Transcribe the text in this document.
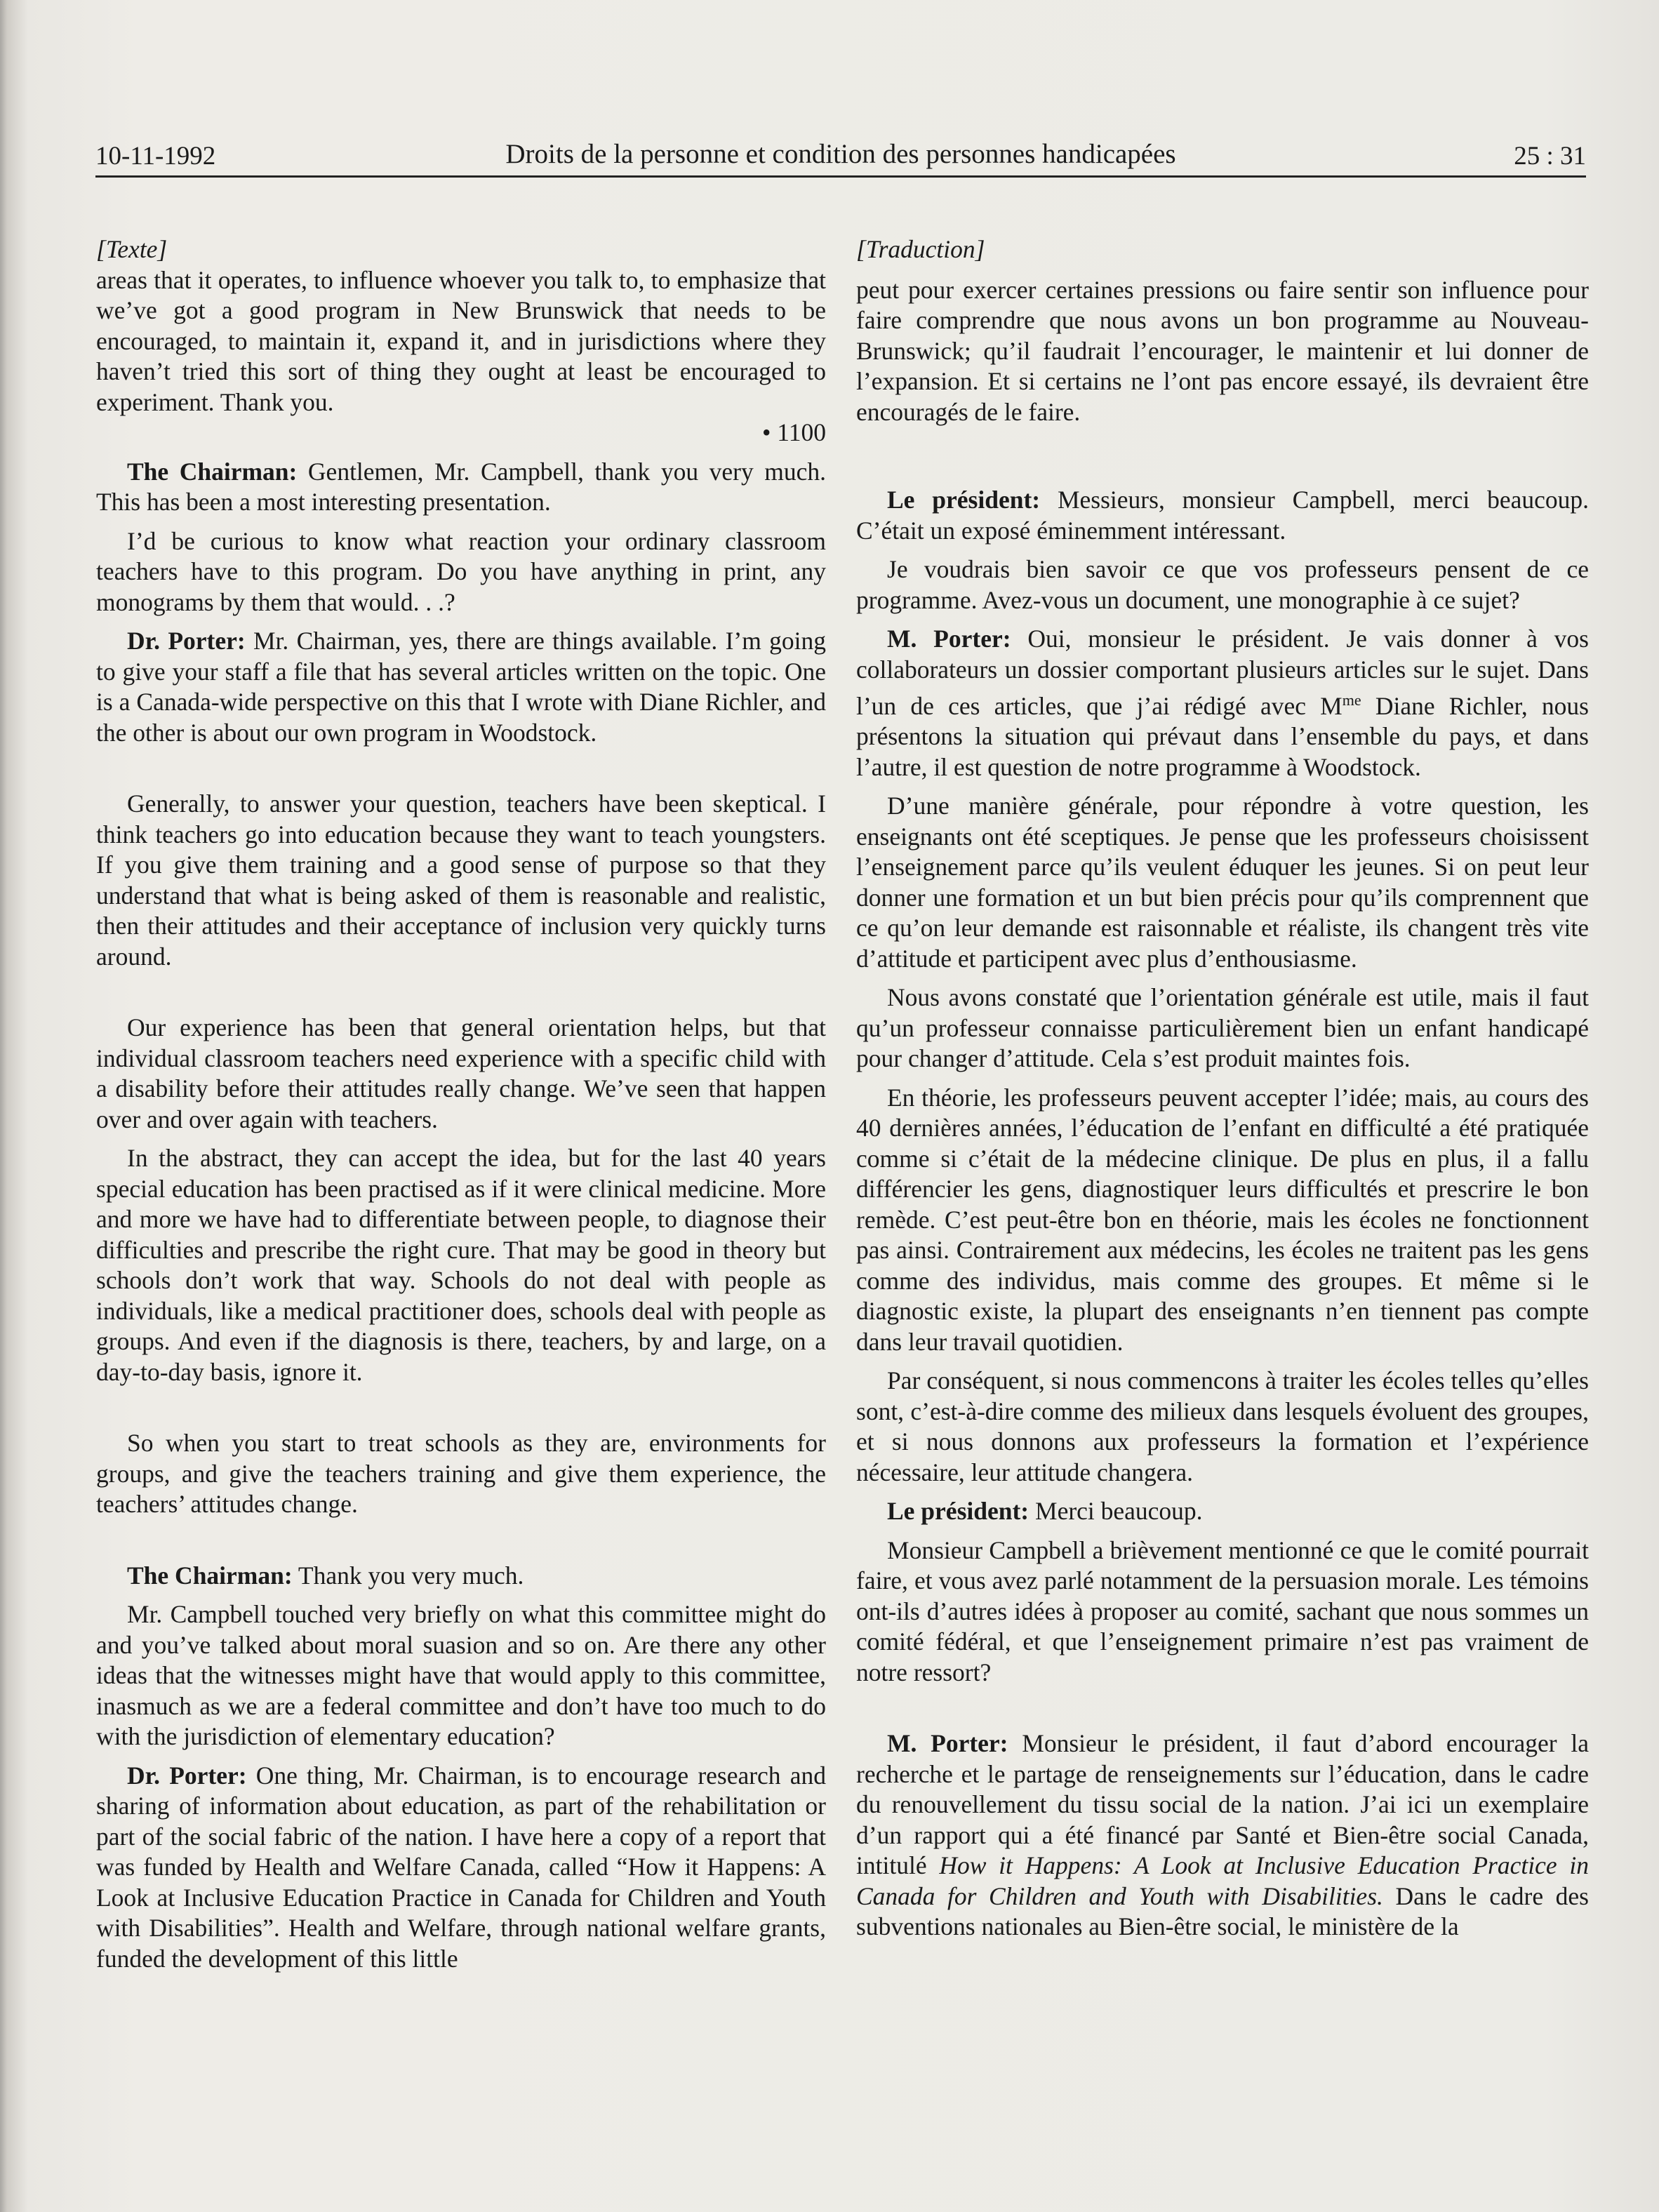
10-11-1992	Droits de la personne et condition des personnes handicapées	25 : 31

[Texte]

areas that it operates, to influence whoever you talk to, to emphasize that we’ve got a good program in New Brunswick that needs to be encouraged, to maintain it, expand it, and in jurisdictions where they haven’t tried this sort of thing they ought at least be encouraged to experiment. Thank you.

• 1100

The Chairman: Gentlemen, Mr. Campbell, thank you very much. This has been a most interesting presentation.

I’d be curious to know what reaction your ordinary classroom teachers have to this program. Do you have anything in print, any monograms by them that would. . .?

Dr. Porter: Mr. Chairman, yes, there are things available. I’m going to give your staff a file that has several articles written on the topic. One is a Canada-wide perspective on this that I wrote with Diane Richler, and the other is about our own program in Woodstock.

Generally, to answer your question, teachers have been skeptical. I think teachers go into education because they want to teach youngsters. If you give them training and a good sense of purpose so that they understand that what is being asked of them is reasonable and realistic, then their attitudes and their acceptance of inclusion very quickly turns around.

Our experience has been that general orientation helps, but that individual classroom teachers need experience with a specific child with a disability before their attitudes really change. We’ve seen that happen over and over again with teachers.

In the abstract, they can accept the idea, but for the last 40 years special education has been practised as if it were clinical medicine. More and more we have had to differentiate between people, to diagnose their difficulties and prescribe the right cure. That may be good in theory but schools don’t work that way. Schools do not deal with people as individuals, like a medical practitioner does, schools deal with people as groups. And even if the diagnosis is there, teachers, by and large, on a day-to-day basis, ignore it.

So when you start to treat schools as they are, environments for groups, and give the teachers training and give them experience, the teachers’ attitudes change.

The Chairman: Thank you very much.

Mr. Campbell touched very briefly on what this committee might do and you’ve talked about moral suasion and so on. Are there any other ideas that the witnesses might have that would apply to this committee, inasmuch as we are a federal committee and don’t have too much to do with the jurisdiction of elementary education?

Dr. Porter: One thing, Mr. Chairman, is to encourage research and sharing of information about education, as part of the rehabilitation or part of the social fabric of the nation. I have here a copy of a report that was funded by Health and Welfare Canada, called “How it Happens: A Look at Inclusive Education Practice in Canada for Children and Youth with Disabilities”. Health and Welfare, through national welfare grants, funded the development of this little

[Traduction]

peut pour exercer certaines pressions ou faire sentir son influence pour faire comprendre que nous avons un bon programme au Nouveau-Brunswick; qu’il faudrait l’encourager, le maintenir et lui donner de l’expansion. Et si certains ne l’ont pas encore essayé, ils devraient être encouragés de le faire.

Le président: Messieurs, monsieur Campbell, merci beaucoup. C’était un exposé éminemment intéressant.

Je voudrais bien savoir ce que vos professeurs pensent de ce programme. Avez-vous un document, une monographie à ce sujet?

M. Porter: Oui, monsieur le président. Je vais donner à vos collaborateurs un dossier comportant plusieurs articles sur le sujet. Dans l’un de ces articles, que j’ai rédigé avec $M^{me}$ Diane Richler, nous présentons la situation qui prévaut dans l’ensemble du pays, et dans l’autre, il est question de notre programme à Woodstock.

D’une manière générale, pour répondre à votre question, les enseignants ont été sceptiques. Je pense que les professeurs choisissent l’enseignement parce qu’ils veulent éduquer les jeunes. Si on peut leur donner une formation et un but bien précis pour qu’ils comprennent que ce qu’on leur demande est raisonnable et réaliste, ils changent très vite d’attitude et participent avec plus d’enthousiasme.

Nous avons constaté que l’orientation générale est utile, mais il faut qu’un professeur connaisse particulièrement bien un enfant handicapé pour changer d’attitude. Cela s’est produit maintes fois.

En théorie, les professeurs peuvent accepter l’idée; mais, au cours des 40 dernières années, l’éducation de l’enfant en difficulté a été pratiquée comme si c’était de la médecine clinique. De plus en plus, il a fallu différencier les gens, diagnostiquer leurs difficultés et prescrire le bon remède. C’est peut-être bon en théorie, mais les écoles ne fonctionnent pas ainsi. Contrairement aux médecins, les écoles ne traitent pas les gens comme des individus, mais comme des groupes. Et même si le diagnostic existe, la plupart des enseignants n’en tiennent pas compte dans leur travail quotidien.

Par conséquent, si nous commencons à traiter les écoles telles qu’elles sont, c’est-à-dire comme des milieux dans lesquels évoluent des groupes, et si nous donnons aux professeurs la formation et l’expérience nécessaire, leur attitude changera.

Le président: Merci beaucoup.

Monsieur Campbell a brièvement mentionné ce que le comité pourrait faire, et vous avez parlé notamment de la persuasion morale. Les témoins ont-ils d’autres idées à proposer au comité, sachant que nous sommes un comité fédéral, et que l’enseignement primaire n’est pas vraiment de notre ressort?

M. Porter: Monsieur le président, il faut d’abord encourager la recherche et le partage de renseignements sur l’éducation, dans le cadre du renouvellement du tissu social de la nation. J’ai ici un exemplaire d’un rapport qui a été financé par Santé et Bien-être social Canada, intitulé How it Happens: A Look at Inclusive Education Practice in Canada for Children and Youth with Disabilities. Dans le cadre des subventions nationales au Bien-être social, le ministère de la
